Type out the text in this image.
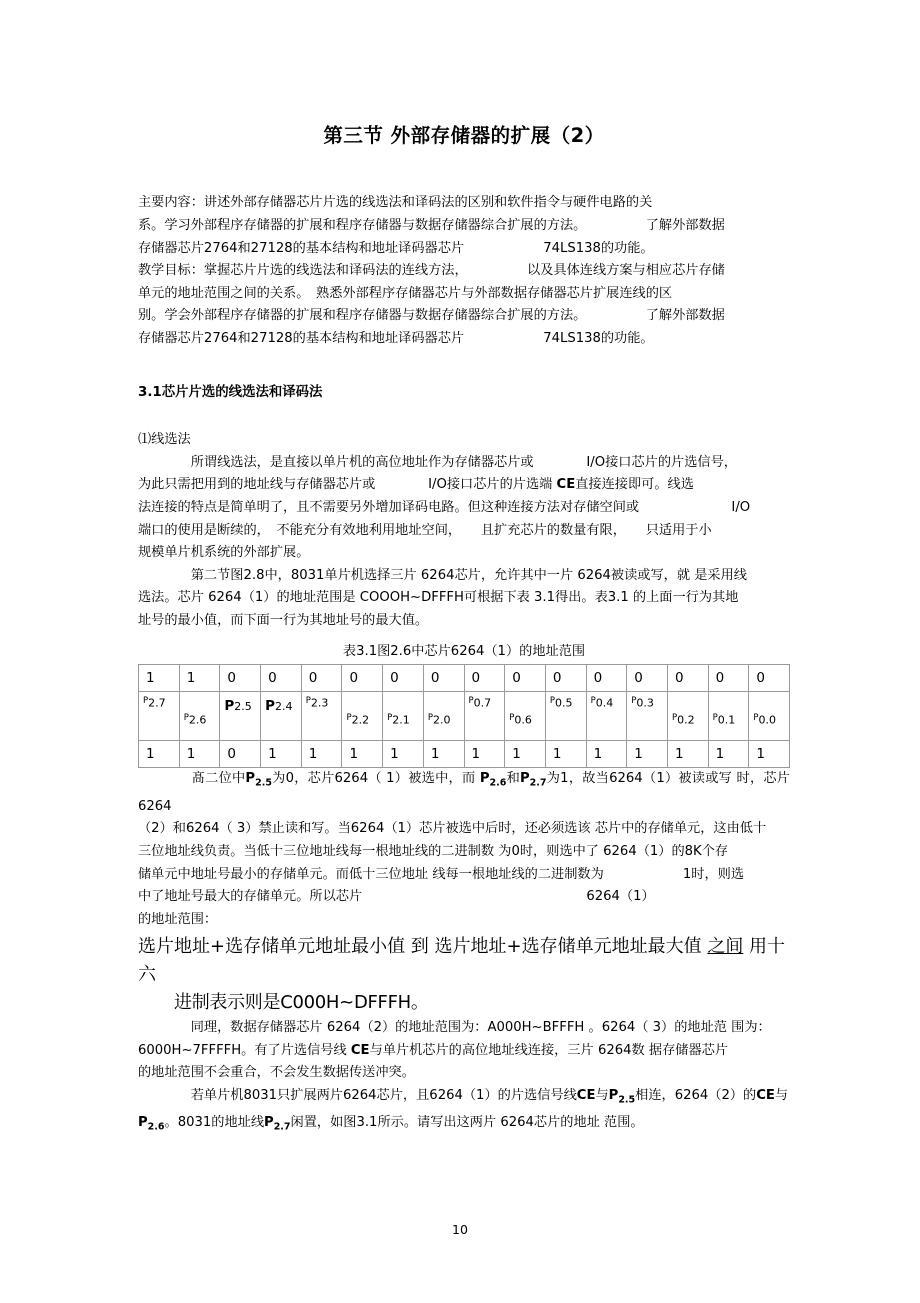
第三节 外部存储器的扩展（2）

主要内容：讲述外部存储器芯片片选的线选法和译码法的区别和软件指令与硬件电路的关

系。学习外部程序存储器的扩展和程序存储器与数据存储器综合扩展的方法。　　　　　了解外部数据

存储器芯片2764和27128的基本结构和地址译码器芯片　　　　　　74LS138的功能。

教学目标：掌握芯片片选的线选法和译码法的连线方法，　　　　　以及具体连线方案与相应芯片存储

单元的地址范围之间的关系。　熟悉外部程序存储器芯片与外部数据存储器芯片扩展连线的区

别。学会外部程序存储器的扩展和程序存储器与数据存储器综合扩展的方法。　　　　　了解外部数据

存储器芯片2764和27128的基本结构和地址译码器芯片　　　　　　74LS138的功能。

3.1芯片片选的线选法和译码法

⑴线选法

　　　　所谓线选法，是直接以单片机的高位地址作为存储器芯片或　　　　I/O接口芯片的片选信号，

为此只需把用到的地址线与存储器芯片或　　　　I/O接口芯片的片选端 CE直接连接即可。线选

法连接的特点是简单明了，且不需要另外增加译码电路。但这种连接方法对存储空间或　　　　　　　I/O

端口的使用是断续的，　不能充分有效地利用地址空间，　　且扩充芯片的数量有限，　　只适用于小

规模单片机系统的外部扩展。

　　　　第二节图2.8中，8031单片机选择三片 6264芯片，允许其中一片 6264被读或写，就 是采用线

选法。芯片 6264（1）的地址范围是 COOOH~DFFFH可根据下表 3.1得出。表3.1 的上面一行为其地

址号的最小值，而下面一行为其地址号的最大值。

表3.1图2.6中芯片6264（1）的地址范围

1	1	0	0	0	0	0	0	0	0	0	0	0	0	0	0
$^P$2.7	$^P$2.6	P2.5	P2.4	$^P$2.3	$^P$2.2	$^P$2.1	$^P$2.0	$^P$0.7	$^P$0.6	$^P$0.5	$^P$0.4	$^P$0.3	$^P$0.2	$^P$0.1	$^P$0.0
1	1	0	1	1	1	1	1	1	1	1	1	1	1	1	1

　　　　髙二位中$P_{2.5}$为0，芯片6264（ 1）被选中，而 $P_{2.6}$和$P_{2.7}$为1，故当6264（1）被读或写 时，芯片6264

（2）和6264（ 3）禁止读和写。当6264（1）芯片被选中后时，还必须选该 芯片中的存储单元，这由低十

三位地址线负责。当低十三位地址线每一根地址线的二进制数 为0时，则选中了 6264（1）的8K个存

储单元中地址号最小的存储单元。而低十三位地址 线每一根地址线的二进制数为　　　　　　1时，则选

中了地址号最大的存储单元。所以芯片　　　　　　　　　　　　　　　　　6264（1）

的地址范围：

选片地址+选存储单元地址最小值 到 选片地址+选存储单元地址最大值 之间 用十六

进制表示则是C000H~DFFFH。

　　　　同理，数据存储器芯片 6264（2）的地址范围为：A000H~BFFFH 。6264（ 3）的地址范 围为：

6000H~7FFFFH。有了片选信号线 CE与单片机芯片的高位地址线连接，三片 6264数 据存储器芯片

的地址范围不会重合，不会发生数据传送冲突。

　　　　若单片机8031只扩展两片6264芯片，且6264（1）的片选信号线CE与$P_{2.5}$相连，6264（2）的CE与

$P_{2.6}$。8031的地址线$P_{2.7}$闲置，如图3.1所示。请写出这两片 6264芯片的地址 范围。

10
